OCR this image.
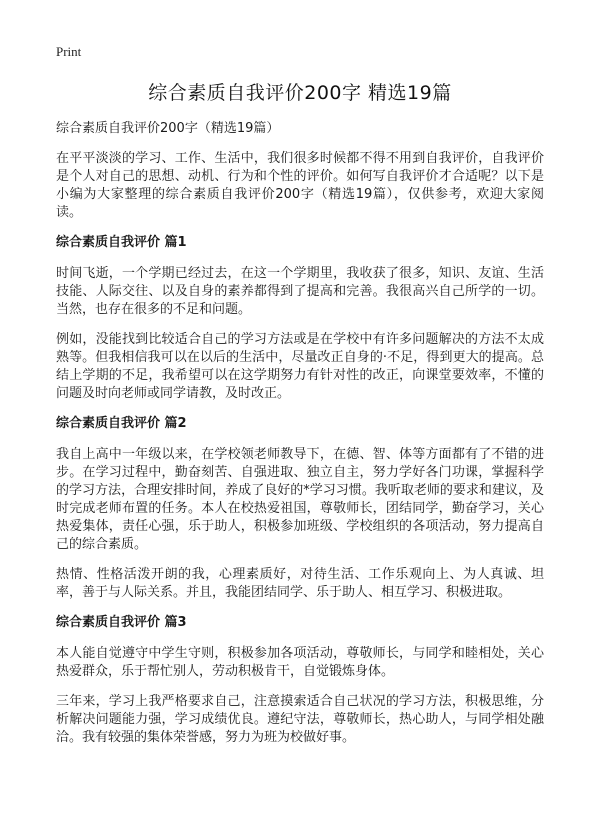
Print
综合素质自我评价200字 精选19篇
综合素质自我评价200字（精选19篇）

在平平淡淡的学习、工作、生活中，我们很多时候都不得不用到自我评价，自我评价是个人对自己的思想、动机、行为和个性的评价。如何写自我评价才合适呢？以下是小编为大家整理的综合素质自我评价200字（精选19篇），仅供参考，欢迎大家阅读。

综合素质自我评价 篇1

时间飞逝，一个学期已经过去，在这一个学期里，我收获了很多，知识、友谊、生活技能、人际交往、以及自身的素养都得到了提高和完善。我很高兴自己所学的一切。当然，也存在很多的不足和问题。

例如，没能找到比较适合自己的学习方法或是在学校中有许多问题解决的方法不太成熟等。但我相信我可以在以后的生活中，尽量改正自身的·不足，得到更大的提高。总结上学期的不足，我希望可以在这学期努力有针对性的改正，向课堂要效率，不懂的问题及时向老师或同学请教，及时改正。

综合素质自我评价 篇2

我自上高中一年级以来，在学校领老师教导下，在德、智、体等方面都有了不错的进步。在学习过程中，勤奋刻苦、自强进取、独立自主，努力学好各门功课，掌握科学的学习方法，合理安排时间，养成了良好的*学习习惯。我听取老师的要求和建议，及时完成老师布置的任务。本人在校热爱祖国，尊敬师长，团结同学，勤奋学习，关心热爱集体，责任心强，乐于助人，积极参加班级、学校组织的各项活动，努力提高自己的综合素质。

热情、性格活泼开朗的我，心理素质好，对待生活、工作乐观向上、为人真诚、坦率，善于与人际关系。并且，我能团结同学、乐于助人、相互学习、积极进取。

综合素质自我评价 篇3

本人能自觉遵守中学生守则，积极参加各项活动，尊敬师长，与同学和睦相处，关心热爱群众，乐于帮忙别人，劳动积极肯干，自觉锻炼身体。

三年来，学习上我严格要求自己，注意摸索适合自己状况的学习方法，积极思维，分析解决问题能力强，学习成绩优良。遵纪守法，尊敬师长，热心助人，与同学相处融洽。我有较强的集体荣誉感，努力为班为校做好事。
